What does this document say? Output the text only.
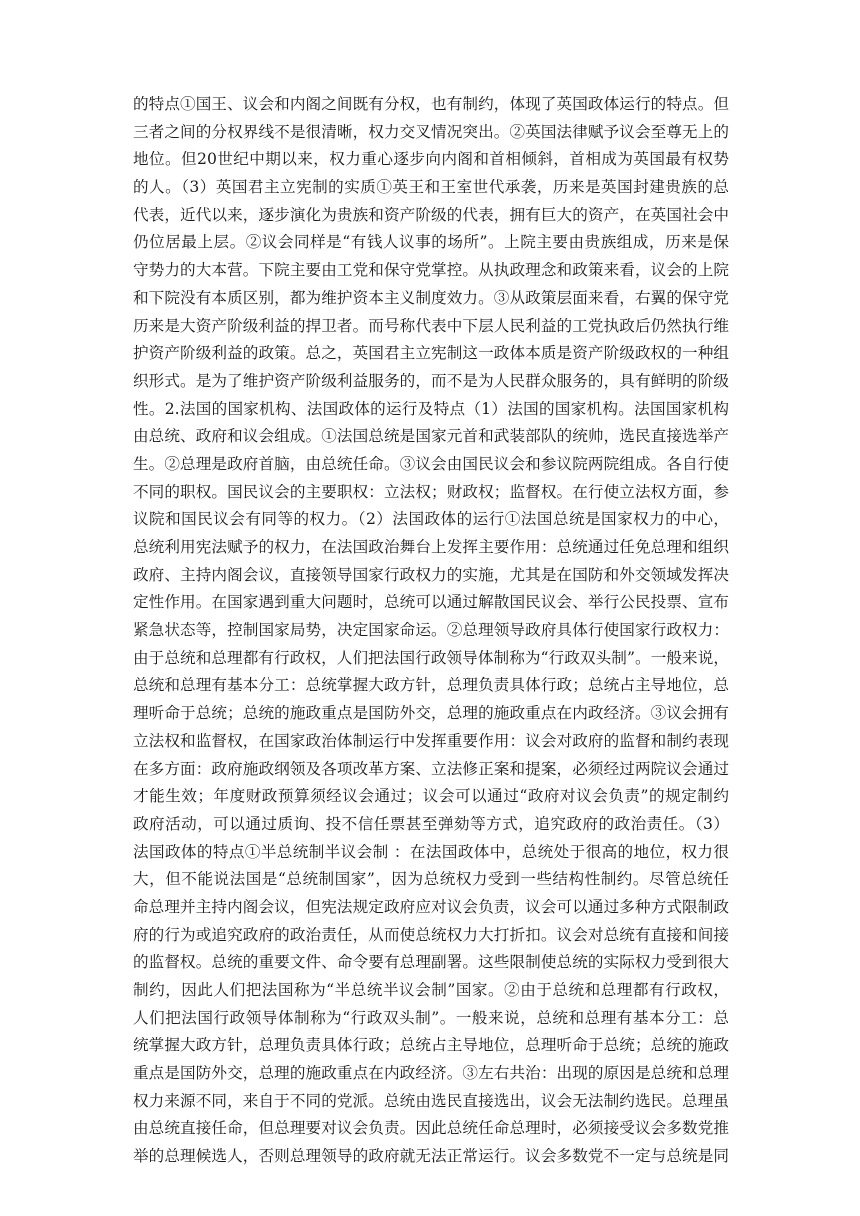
的特点①国王、议会和内阁之间既有分权，也有制约，体现了英国政体运行的特点。但
三者之间的分权界线不是很清晰，权力交叉情况突出。②英国法律赋予议会至尊无上的
地位。但20世纪中期以来，权力重心逐步向内阁和首相倾斜，首相成为英国最有权势
的人。（3）英国君主立宪制的实质①英王和王室世代承袭，历来是英国封建贵族的总
代表，近代以来，逐步演化为贵族和资产阶级的代表，拥有巨大的资产，在英国社会中
仍位居最上层。②议会同样是“有钱人议事的场所”。上院主要由贵族组成，历来是保
守势力的大本营。下院主要由工党和保守党掌控。从执政理念和政策来看，议会的上院
和下院没有本质区别，都为维护资本主义制度效力。③从政策层面来看，右翼的保守党
历来是大资产阶级利益的捍卫者。而号称代表中下层人民利益的工党执政后仍然执行维
护资产阶级利益的政策。总之，英国君主立宪制这一政体本质是资产阶级政权的一种组
织形式。是为了维护资产阶级利益服务的，而不是为人民群众服务的，具有鲜明的阶级
性。2.法国的国家机构、法国政体的运行及特点（1）法国的国家机构。法国国家机构
由总统、政府和议会组成。①法国总统是国家元首和武装部队的统帅，选民直接选举产
生。②总理是政府首脑，由总统任命。③议会由国民议会和参议院两院组成。各自行使
不同的职权。国民议会的主要职权：立法权；财政权；监督权。在行使立法权方面，参
议院和国民议会有同等的权力。（2）法国政体的运行①法国总统是国家权力的中心，
总统利用宪法赋予的权力，在法国政治舞台上发挥主要作用：总统通过任免总理和组织
政府、主持内阁会议，直接领导国家行政权力的实施，尤其是在国防和外交领域发挥决
定性作用。在国家遇到重大问题时，总统可以通过解散国民议会、举行公民投票、宣布
紧急状态等，控制国家局势，决定国家命运。②总理领导政府具体行使国家行政权力：
由于总统和总理都有行政权，人们把法国行政领导体制称为“行政双头制”。一般来说，
总统和总理有基本分工：总统掌握大政方针，总理负责具体行政；总统占主导地位，总
理听命于总统；总统的施政重点是国防外交，总理的施政重点在内政经济。③议会拥有
立法权和监督权，在国家政治体制运行中发挥重要作用：议会对政府的监督和制约表现
在多方面：政府施政纲领及各项改革方案、立法修正案和提案，必须经过两院议会通过
才能生效；年度财政预算须经议会通过；议会可以通过“政府对议会负责”的规定制约
政府活动，可以通过质询、投不信任票甚至弹劾等方式，追究政府的政治责任。（3）
法国政体的特点①半总统制半议会制 ：在法国政体中，总统处于很高的地位，权力很
大，但不能说法国是“总统制国家”，因为总统权力受到一些结构性制约。尽管总统任
命总理并主持内阁会议，但宪法规定政府应对议会负责，议会可以通过多种方式限制政
府的行为或追究政府的政治责任，从而使总统权力大打折扣。议会对总统有直接和间接
的监督权。总统的重要文件、命令要有总理副署。这些限制使总统的实际权力受到很大
制约，因此人们把法国称为“半总统半议会制”国家。②由于总统和总理都有行政权，
人们把法国行政领导体制称为“行政双头制”。一般来说，总统和总理有基本分工：总
统掌握大政方针，总理负责具体行政；总统占主导地位，总理听命于总统；总统的施政
重点是国防外交，总理的施政重点在内政经济。③左右共治：出现的原因是总统和总理
权力来源不同，来自于不同的党派。总统由选民直接选出，议会无法制约选民。总理虽
由总统直接任命，但总理要对议会负责。因此总统任命总理时，必须接受议会多数党推
举的总理候选人，否则总理领导的政府就无法正常运行。议会多数党不一定与总统是同
